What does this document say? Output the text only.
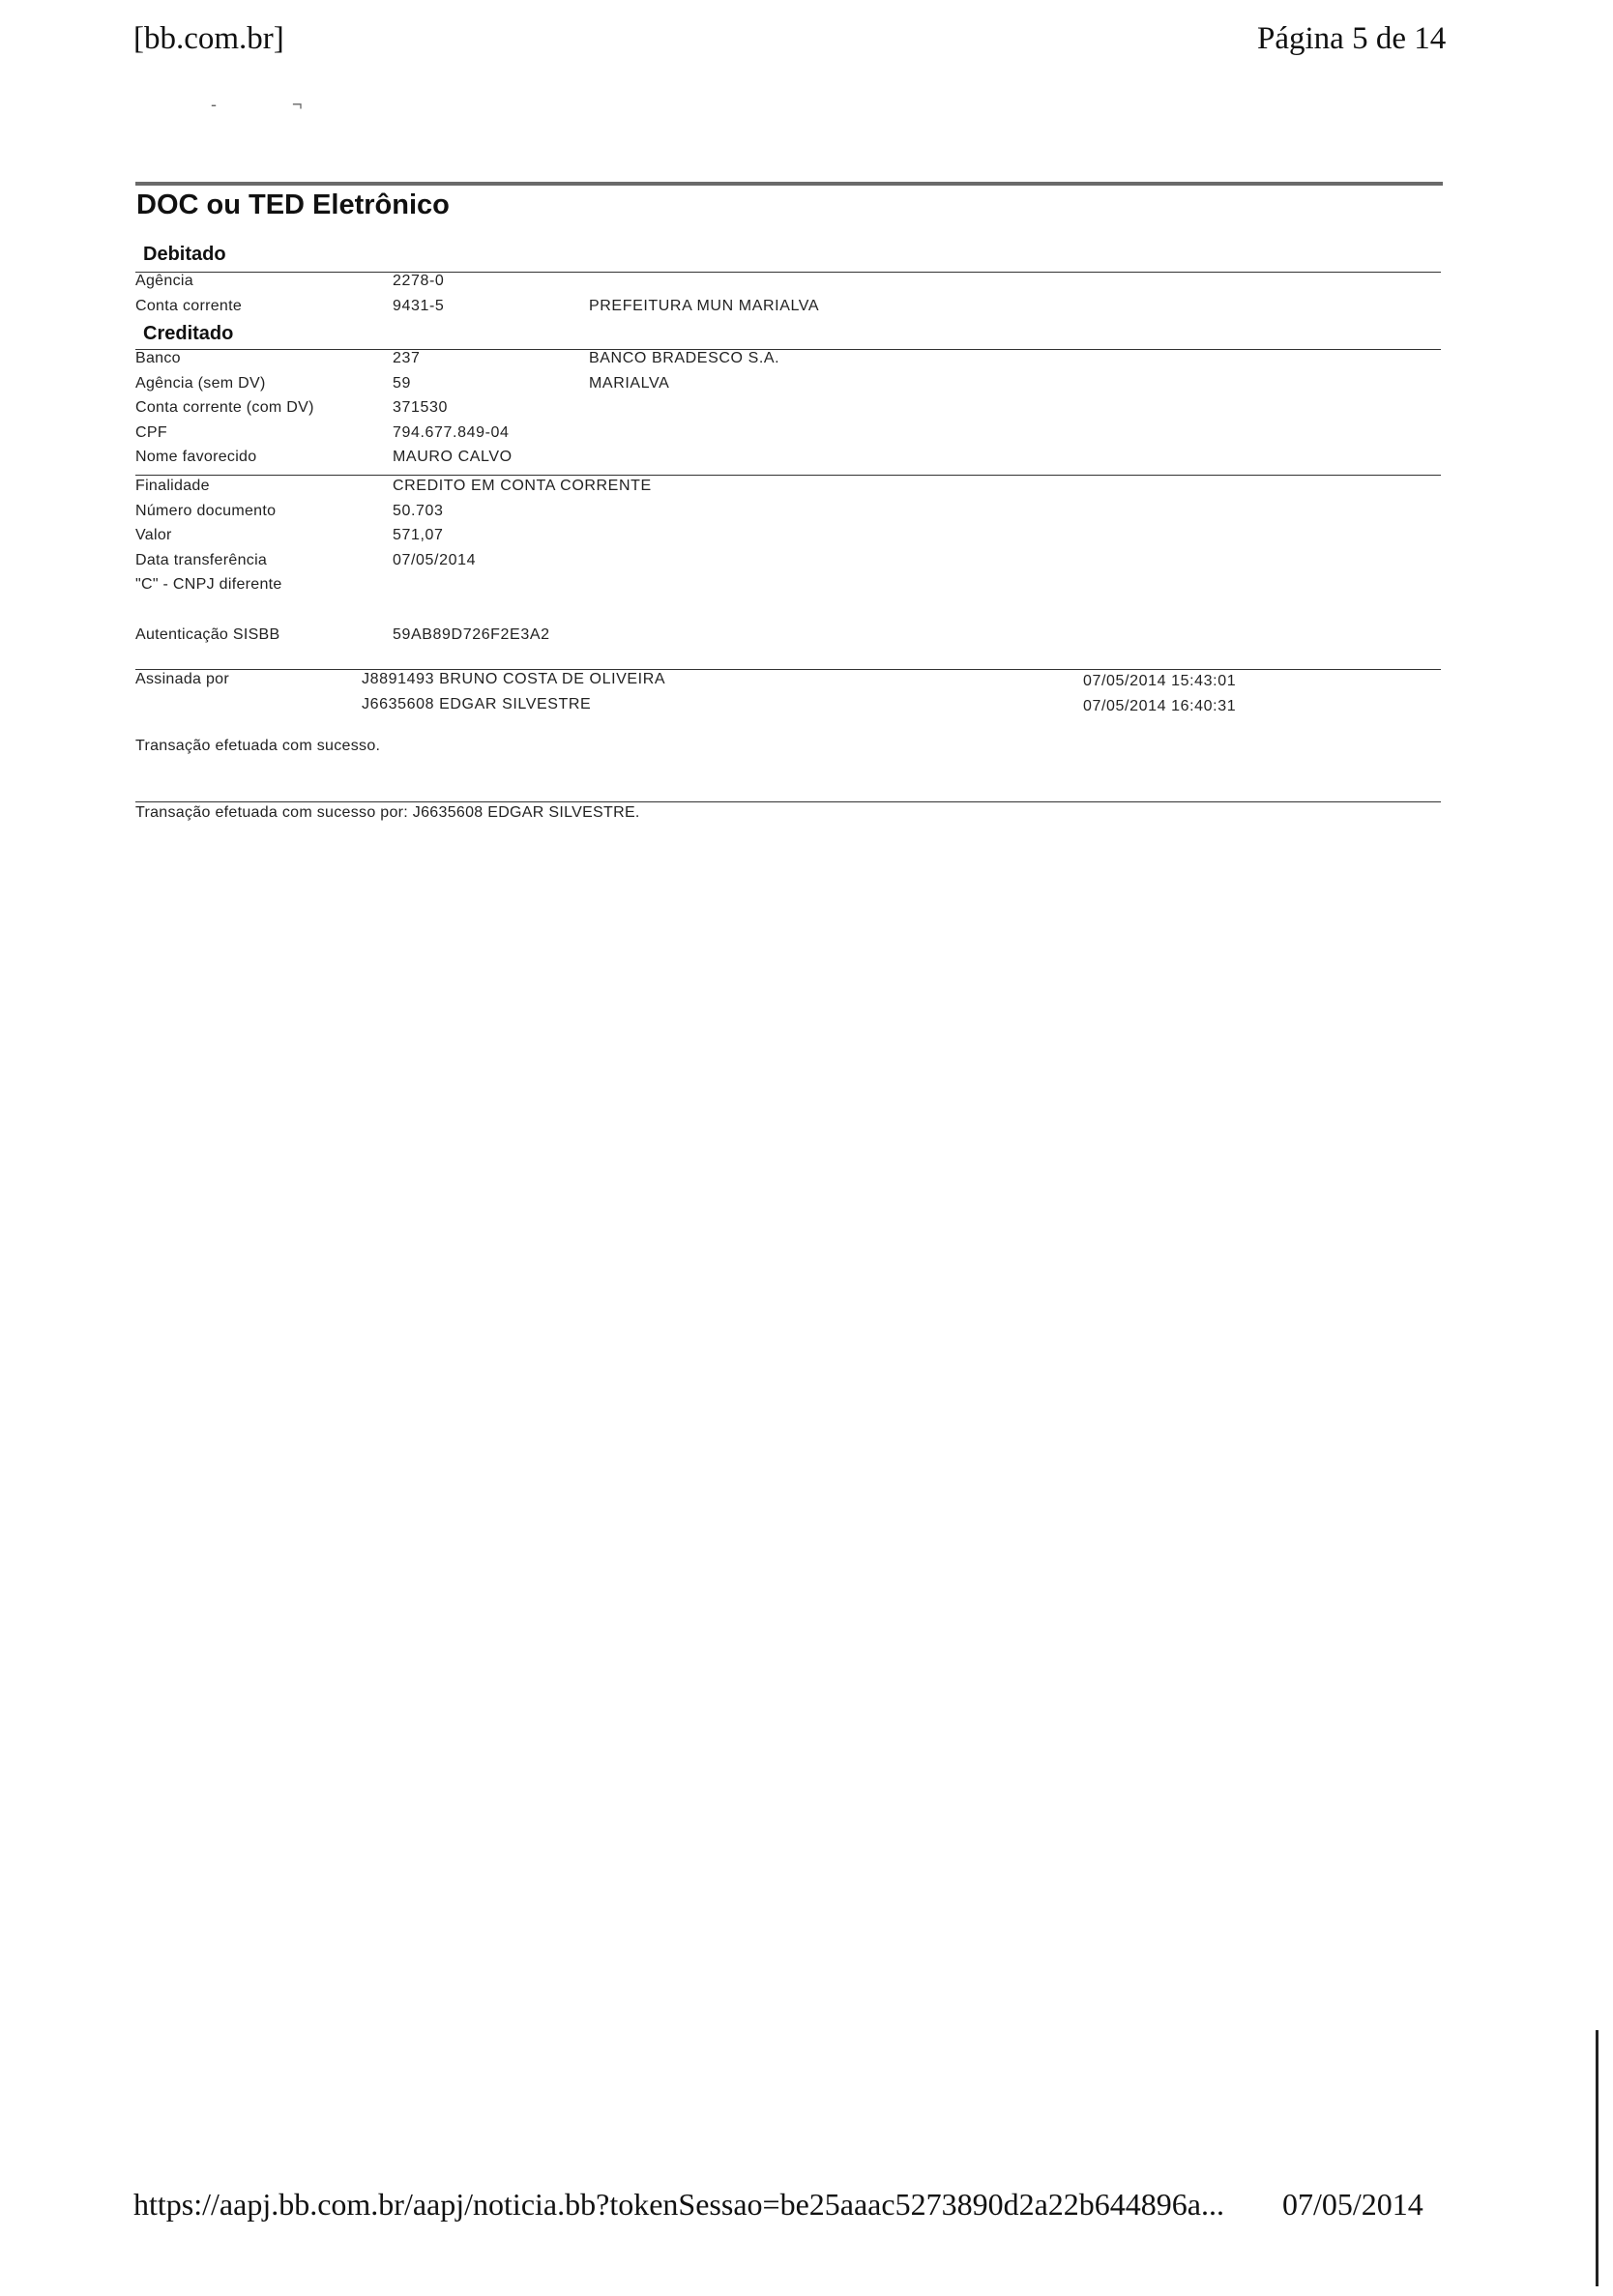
[bb.com.br]	Página 5 de 14
-	¬
DOC ou TED Eletrônico
Debitado
Agência	2278-0
Conta corrente	9431-5	PREFEITURA MUN MARIALVA
Creditado
Banco	237	BANCO BRADESCO S.A.
Agência (sem DV)	59	MARIALVA
Conta corrente (com DV)	371530
CPF	794.677.849-04
Nome favorecido	MAURO CALVO
Finalidade	CREDITO EM CONTA CORRENTE
Número documento	50.703
Valor	571,07
Data transferência	07/05/2014
"C" - CNPJ diferente
Autenticação SISBB	59AB89D726F2E3A2
Assinada por	J8891493 BRUNO COSTA DE OLIVEIRA	07/05/2014 15:43:01
J6635608 EDGAR SILVESTRE	07/05/2014 16:40:31
Transação efetuada com sucesso.
Transação efetuada com sucesso por: J6635608 EDGAR SILVESTRE.
https://aapj.bb.com.br/aapj/noticia.bb?tokenSessao=be25aaac5273890d2a22b644896a... 07/05/2014
